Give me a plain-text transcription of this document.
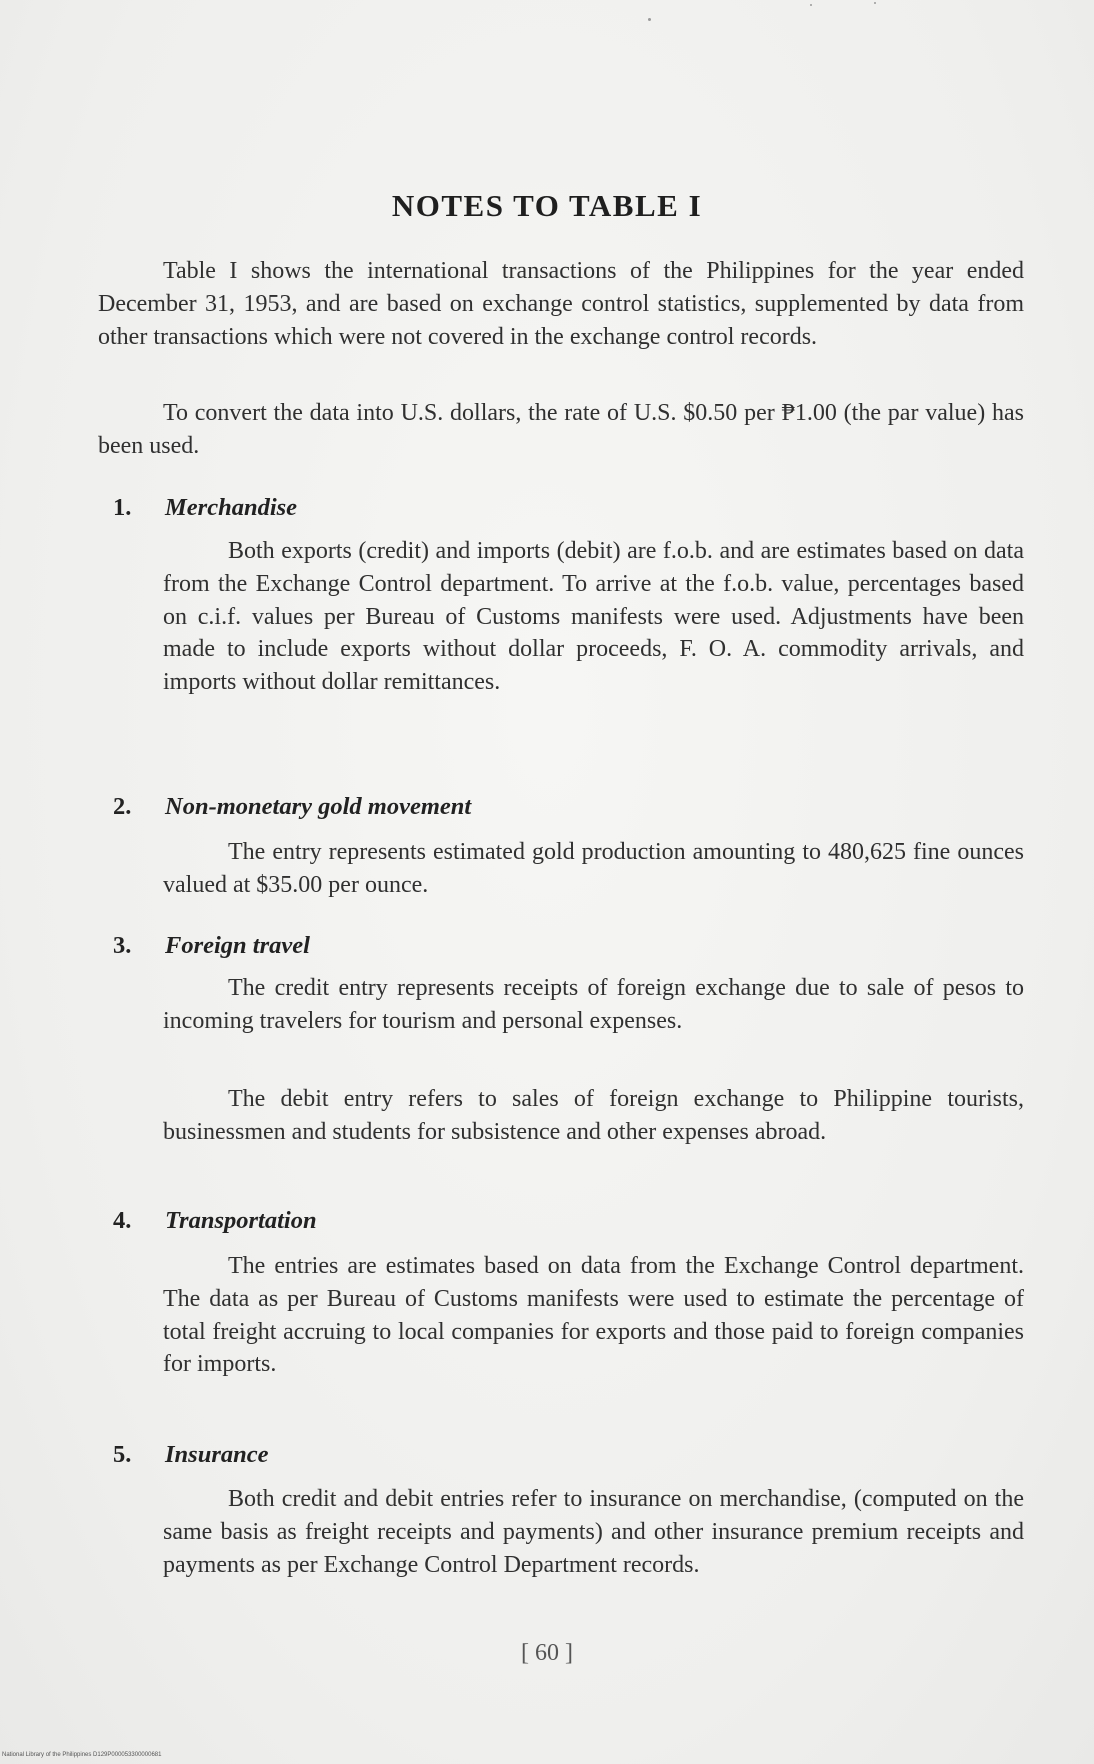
NOTES TO TABLE I

Table I shows the international transactions of the Philippines for the year ended December 31, 1953, and are based on exchange control statistics, supplemented by data from other transactions which were not covered in the exchange control records.

To convert the data into U.S. dollars, the rate of U.S. $0.50 per ₱1.00 (the par value) has been used.

1. Merchandise

Both exports (credit) and imports (debit) are f.o.b. and are estimates based on data from the Exchange Control department. To arrive at the f.o.b. value, percentages based on c.i.f. values per Bureau of Customs manifests were used. Adjustments have been made to include exports without dollar proceeds, F. O. A. commodity arrivals, and imports without dollar remittances.

2. Non-monetary gold movement

The entry represents estimated gold production amounting to 480,625 fine ounces valued at $35.00 per ounce.

3. Foreign travel

The credit entry represents receipts of foreign exchange due to sale of pesos to incoming travelers for tourism and personal expenses.

The debit entry refers to sales of foreign exchange to Philippine tourists, businessmen and students for subsistence and other expenses abroad.

4. Transportation

The entries are estimates based on data from the Exchange Control department. The data as per Bureau of Customs manifests were used to estimate the percentage of total freight accruing to local companies for exports and those paid to foreign companies for imports.

5. Insurance

Both credit and debit entries refer to insurance on merchandise, (computed on the same basis as freight receipts and payments) and other insurance premium receipts and payments as per Exchange Control Department records.

[ 60 ]
National Library of the Philippines D129P000053300000681
